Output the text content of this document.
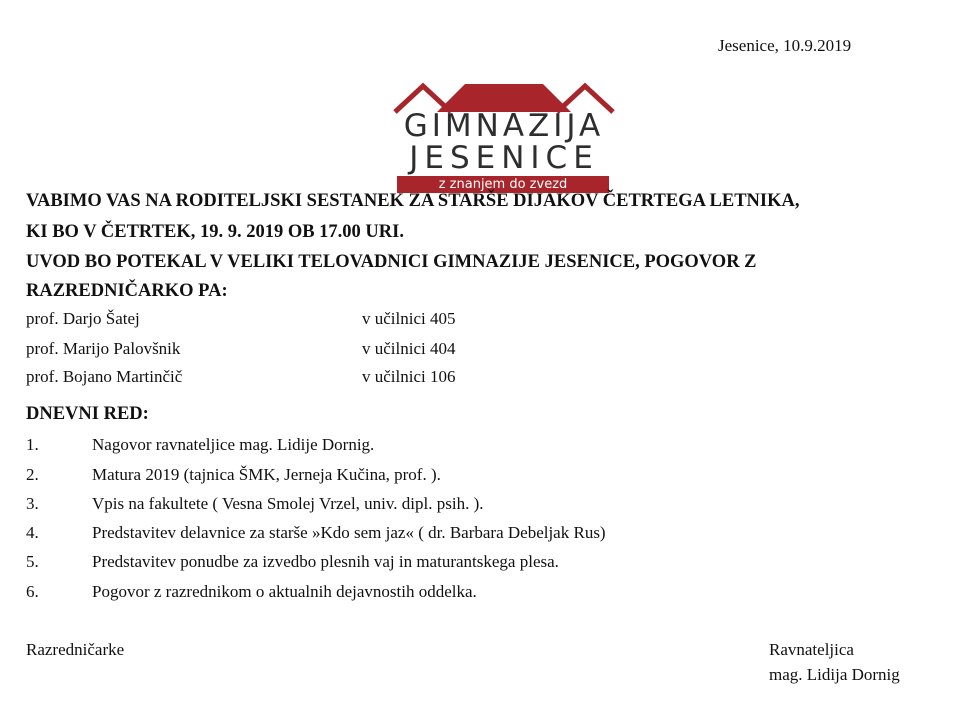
Jesenice, 10.9.2019
GIMNAZIJA
JESENICE
z znanjem do zvezd
VABIMO VAS NA RODITELJSKI SESTANEK ZA STARŠE DIJAKOV ČETRTEGA LETNIKA,
KI BO V ČETRTEK, 19. 9. 2019 OB 17.00 URI.
UVOD BO POTEKAL V VELIKI TELOVADNICI GIMNAZIJE JESENICE, POGOVOR Z
RAZREDNIČARKO PA:
prof. Darjo Šatej	v učilnici 405
prof. Marijo Palovšnik	v učilnici 404
prof. Bojano Martinčič	v učilnici 106
DNEVNI RED:
1.	Nagovor ravnateljice mag. Lidije Dornig.
2.	Matura 2019 (tajnica ŠMK, Jerneja Kučina, prof. ).
3.	Vpis na fakultete ( Vesna Smolej Vrzel, univ. dipl. psih. ).
4.	Predstavitev delavnice za starše »Kdo sem jaz« ( dr. Barbara Debeljak Rus)
5.	Predstavitev ponudbe za izvedbo plesnih vaj in maturantskega plesa.
6.	Pogovor z razrednikom o aktualnih dejavnostih oddelka.
Razredničarke	Ravnateljica
mag. Lidija Dornig
